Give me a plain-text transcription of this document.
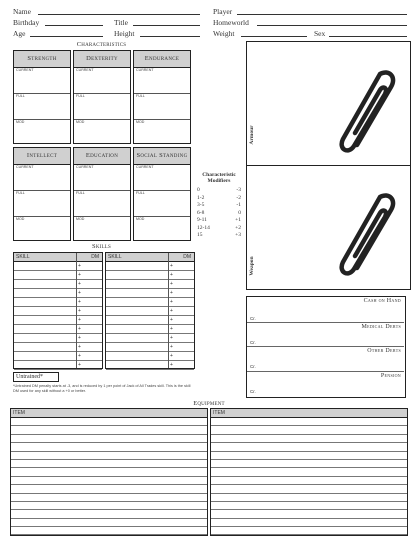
Name
Birthday	Title
Age	Height
Player
Homeworld
Weight	Sex
Characteristics
Strength
CURRENT
FULL
MOD
Dexterity
CURRENT
FULL
MOD
Endurance
CURRENT
FULL
MOD
Intellect
CURRENT
FULL
MOD
Education
CURRENT
FULL
MOD
Social Standing
CURRENT
FULL
MOD
Characteristic Modifiers
0	-3
1-2	-2
3-5	-1
6-8	0
9-11	+1
12-14	+2
15	+3
Skills
SKILL	DM
+
+
+
+
+
+
+
+
+
+
+
+
SKILL	DM
+
+
+
+
+
+
+
+
+
+
+
+
Untrained*
*Untrained DM penalty starts at -3, and is reduced by 1 per point of Jack of All Trades skill. This is the skill DM used for any skill without a +0 or better.
Armour
Weapon
Cash on Hand
Cr.
Medical Debts
Cr.
Other Debts
Cr.
Pension
Cr.
Equipment
ITEM	ITEM
